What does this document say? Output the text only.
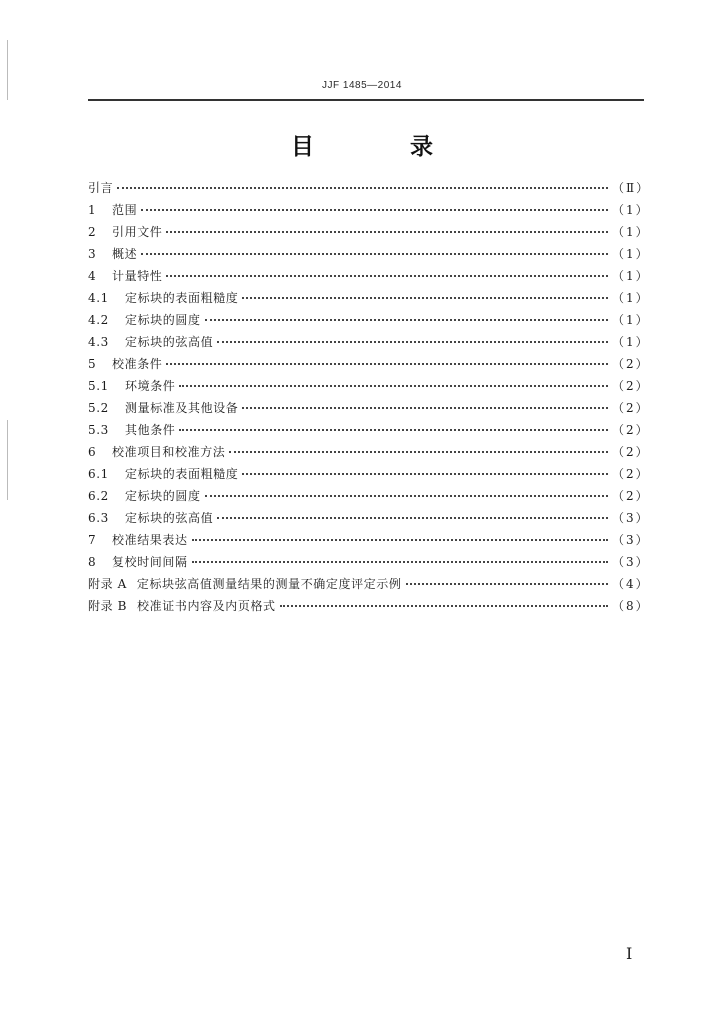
JJF 1485—2014
目 录
引言	（Ⅱ）
1	范围	（1）
2	引用文件	（1）
3	概述	（1）
4	计量特性	（1）
4.1	定标块的表面粗糙度	（1）
4.2	定标块的圆度	（1）
4.3	定标块的弦高值	（1）
5	校准条件	（2）
5.1	环境条件	（2）
5.2	测量标准及其他设备	（2）
5.3	其他条件	（2）
6	校准项目和校准方法	（2）
6.1	定标块的表面粗糙度	（2）
6.2	定标块的圆度	（2）
6.3	定标块的弦高值	（3）
7	校准结果表达	（3）
8	复校时间间隔	（3）
附录 A 定标块弦高值测量结果的测量不确定度评定示例	（4）
附录 B 校准证书内容及内页格式	（8）
I
